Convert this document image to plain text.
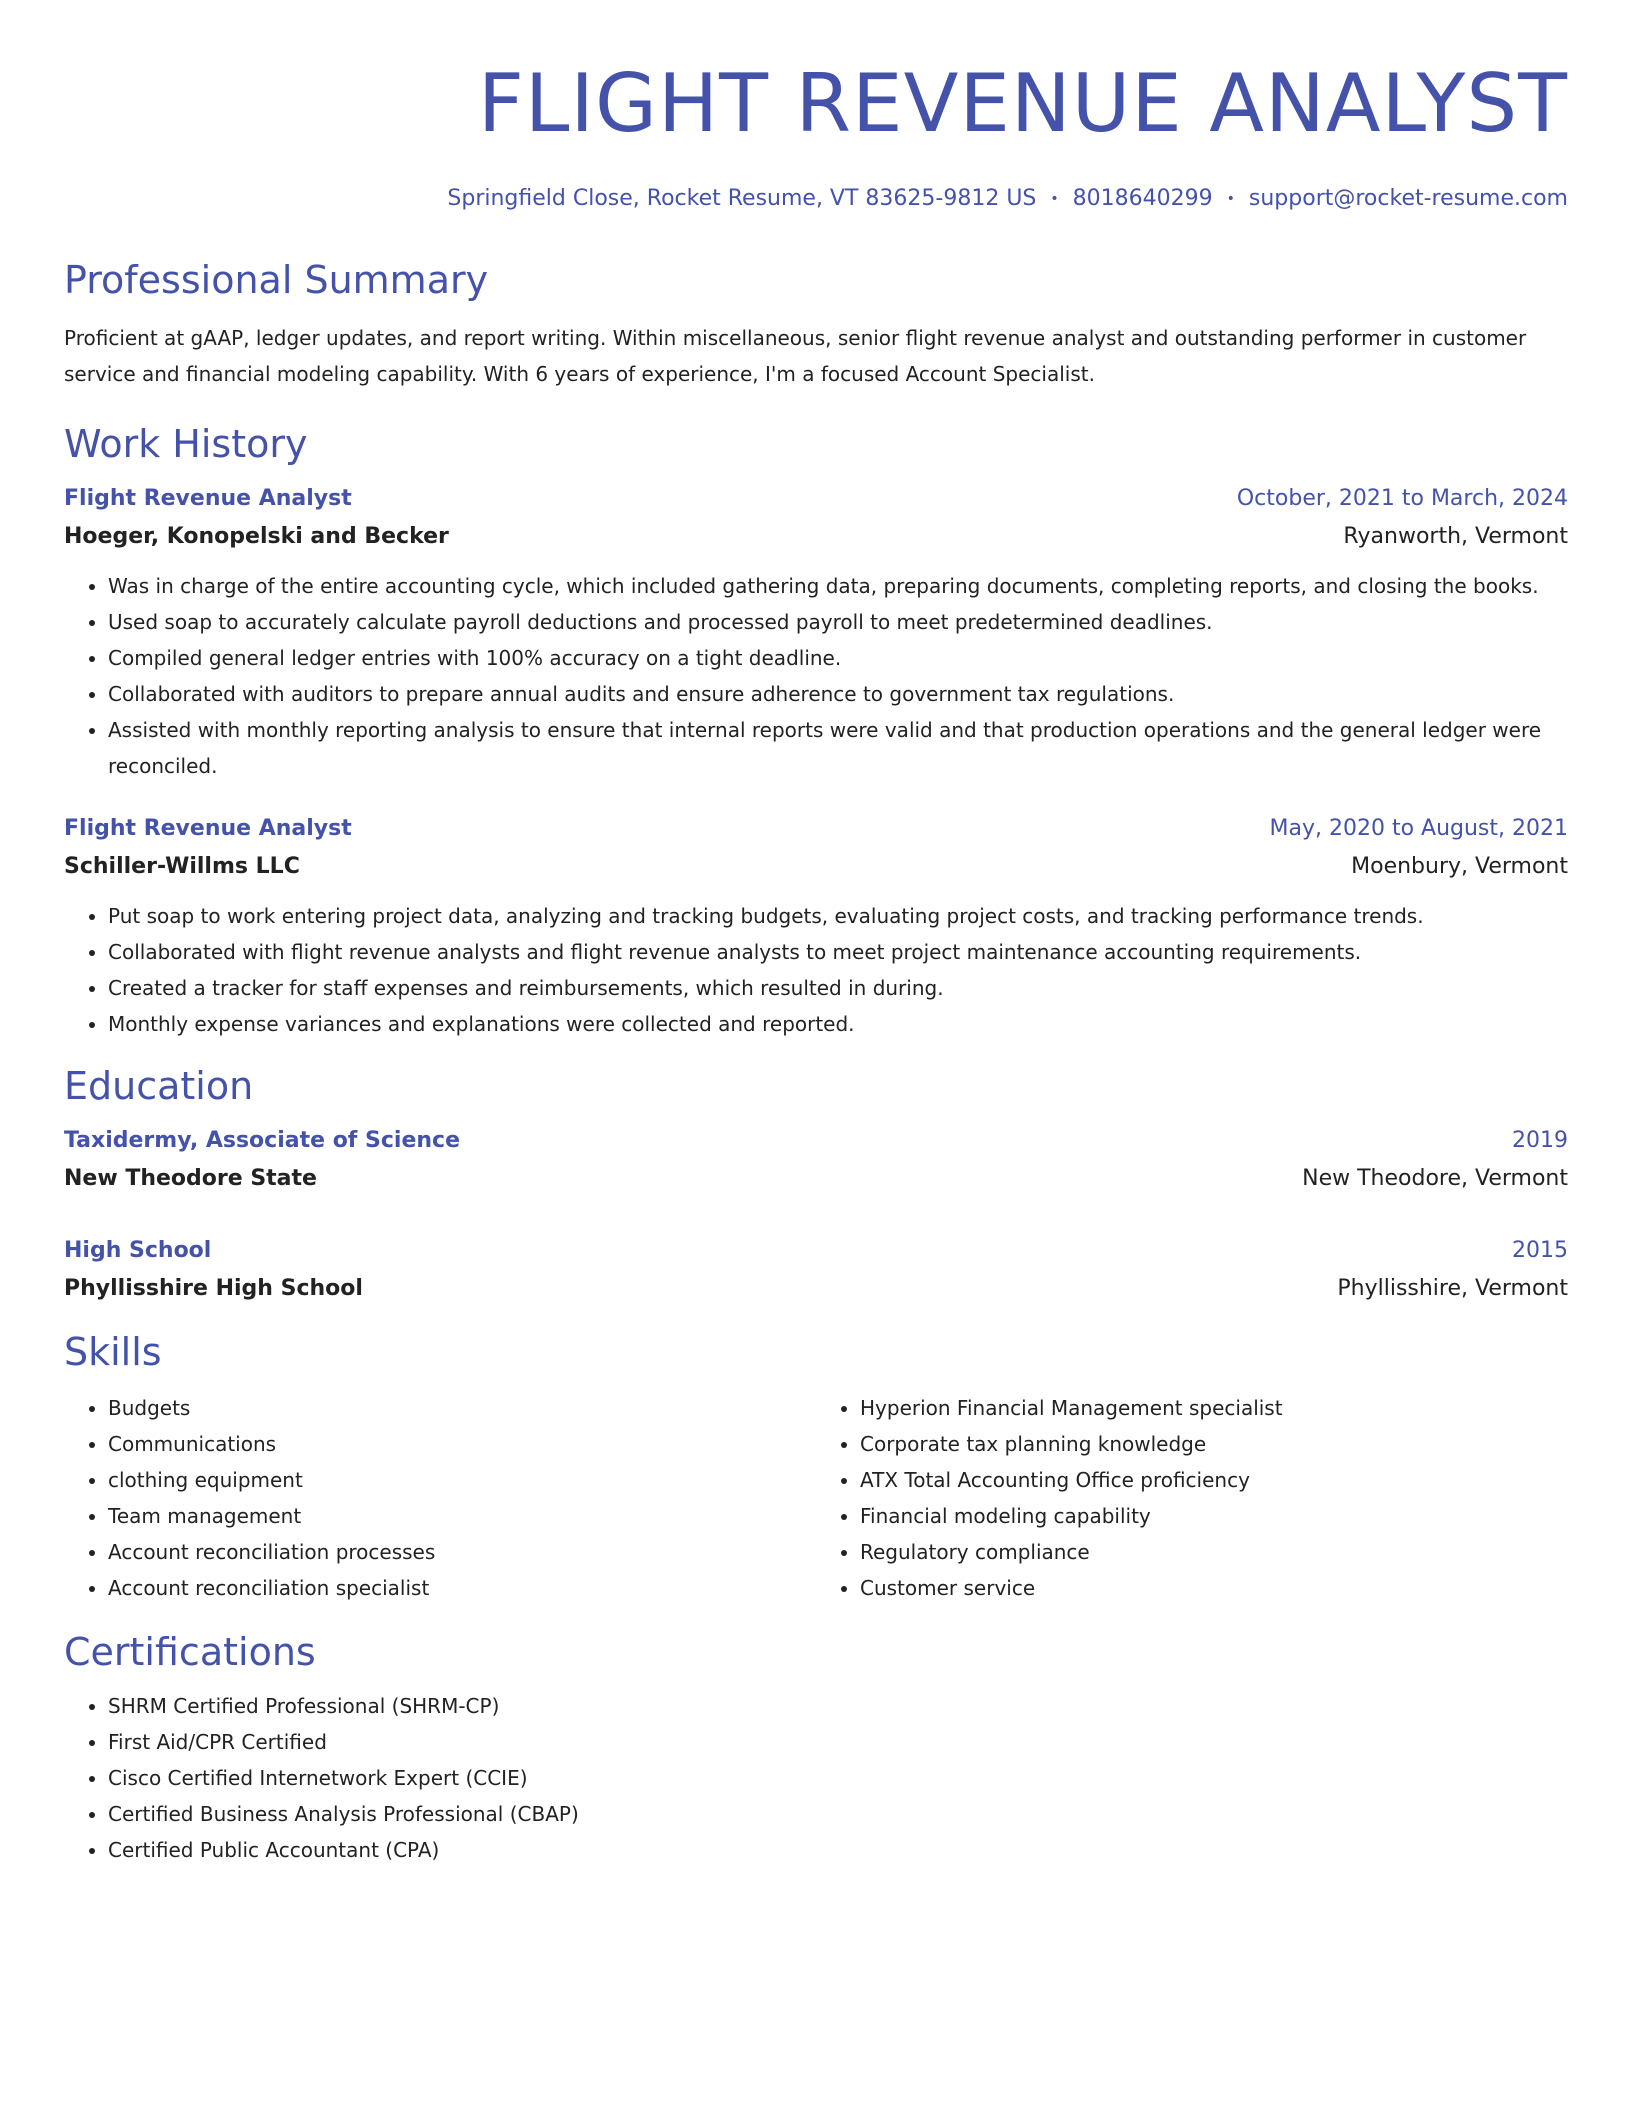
FLIGHT REVENUE ANALYST
Springfield Close, Rocket Resume, VT 83625-9812 US • 8018640299 • support@rocket-resume.com
Professional Summary
Proficient at gAAP, ledger updates, and report writing. Within miscellaneous, senior flight revenue analyst and outstanding performer in customer service and financial modeling capability. With 6 years of experience, I'm a focused Account Specialist.
Work History
Flight Revenue Analyst	October, 2021 to March, 2024
Hoeger, Konopelski and Becker	Ryanworth, Vermont
• Was in charge of the entire accounting cycle, which included gathering data, preparing documents, completing reports, and closing the books.
• Used soap to accurately calculate payroll deductions and processed payroll to meet predetermined deadlines.
• Compiled general ledger entries with 100% accuracy on a tight deadline.
• Collaborated with auditors to prepare annual audits and ensure adherence to government tax regulations.
• Assisted with monthly reporting analysis to ensure that internal reports were valid and that production operations and the general ledger were reconciled.
Flight Revenue Analyst	May, 2020 to August, 2021
Schiller-Willms LLC	Moenbury, Vermont
• Put soap to work entering project data, analyzing and tracking budgets, evaluating project costs, and tracking performance trends.
• Collaborated with flight revenue analysts and flight revenue analysts to meet project maintenance accounting requirements.
• Created a tracker for staff expenses and reimbursements, which resulted in during.
• Monthly expense variances and explanations were collected and reported.
Education
Taxidermy, Associate of Science	2019
New Theodore State	New Theodore, Vermont
High School	2015
Phyllisshire High School	Phyllisshire, Vermont
Skills
• Budgets
• Communications
• clothing equipment
• Team management
• Account reconciliation processes
• Account reconciliation specialist
• Hyperion Financial Management specialist
• Corporate tax planning knowledge
• ATX Total Accounting Office proficiency
• Financial modeling capability
• Regulatory compliance
• Customer service
Certifications
• SHRM Certified Professional (SHRM-CP)
• First Aid/CPR Certified
• Cisco Certified Internetwork Expert (CCIE)
• Certified Business Analysis Professional (CBAP)
• Certified Public Accountant (CPA)
